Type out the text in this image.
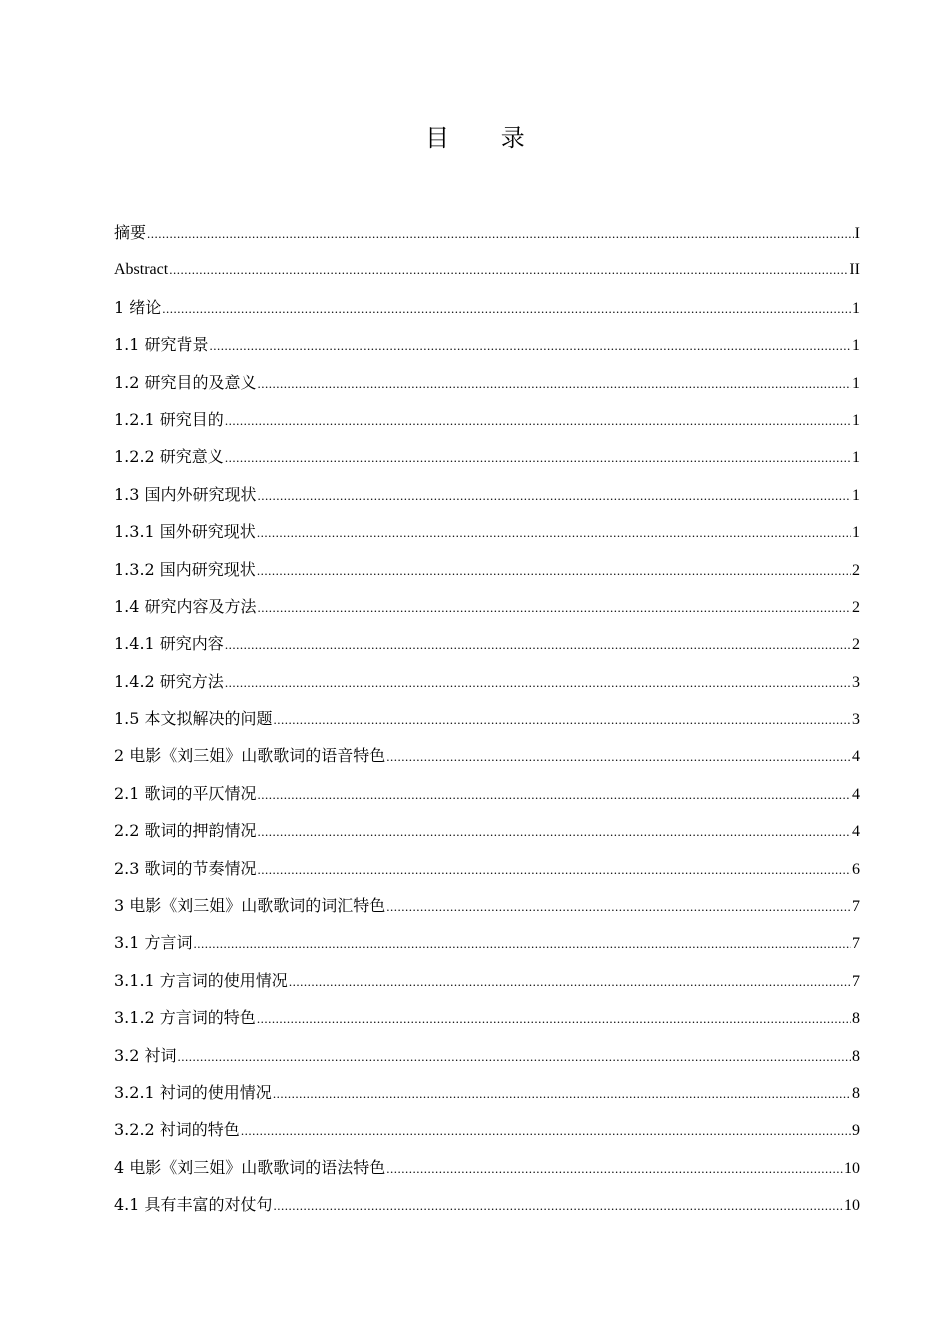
目 录
摘要 .....	I
Abstract .....	II
1 绪论 .....	1
1.1 研究背景 .....	1
1.2 研究目的及意义 .....	1
1.2.1 研究目的 .....	1
1.2.2 研究意义 .....	1
1.3 国内外研究现状 .....	1
1.3.1 国外研究现状 .....	1
1.3.2 国内研究现状 .....	2
1.4 研究内容及方法 .....	2
1.4.1 研究内容 .....	2
1.4.2 研究方法 .....	3
1.5 本文拟解决的问题 .....	3
2 电影《刘三姐》山歌歌词的语音特色 .....	4
2.1 歌词的平仄情况 .....	4
2.2 歌词的押韵情况 .....	4
2.3 歌词的节奏情况 .....	6
3 电影《刘三姐》山歌歌词的词汇特色 .....	7
3.1 方言词 .....	7
3.1.1 方言词的使用情况 .....	7
3.1.2 方言词的特色 .....	8
3.2 衬词 .....	8
3.2.1 衬词的使用情况 .....	8
3.2.2 衬词的特色 .....	9
4 电影《刘三姐》山歌歌词的语法特色 .....	10
4.1 具有丰富的对仗句 .....	10
